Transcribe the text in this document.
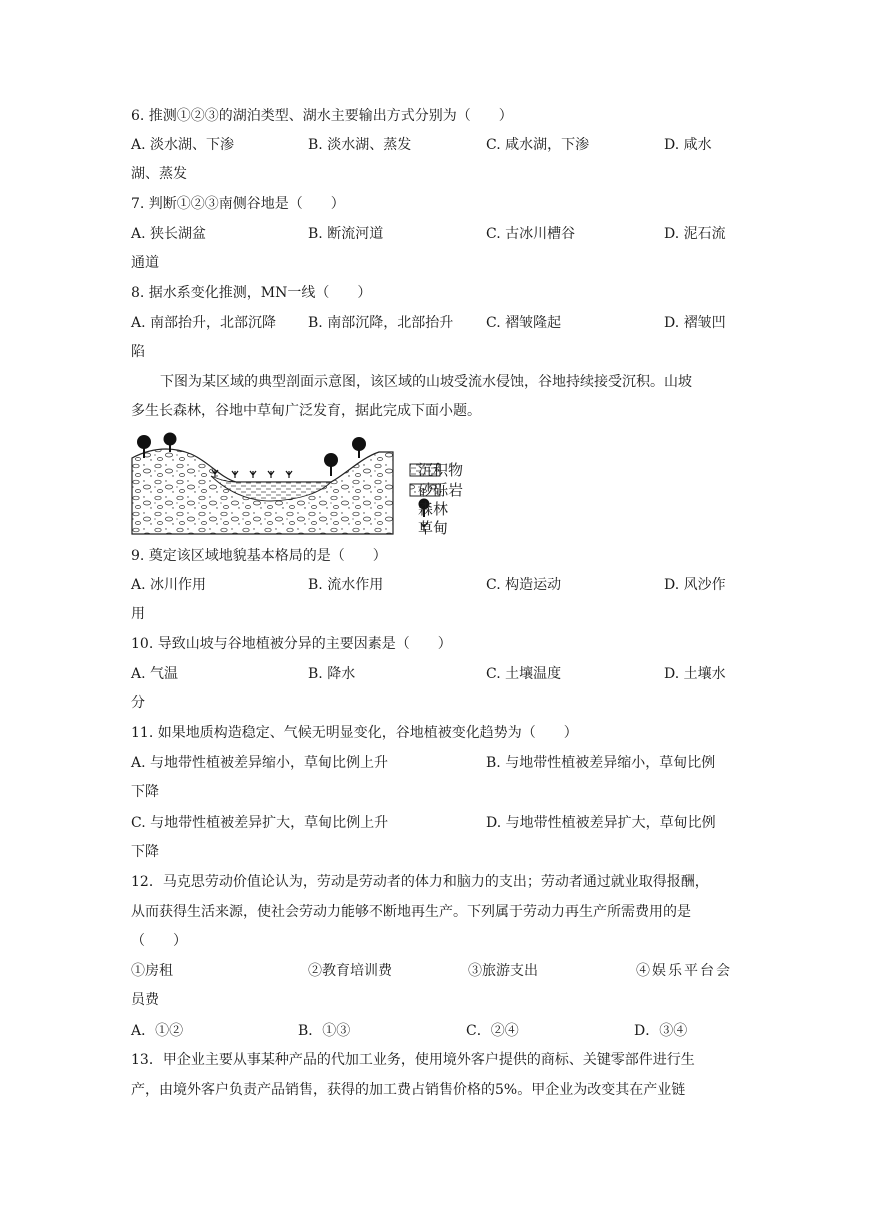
6. 推测①②③的湖泊类型、湖水主要输出方式分别为（　　）
A. 淡水湖、下渗	B. 淡水湖、蒸发	C. 咸水湖，下渗	D. 咸水
湖、蒸发
7. 判断①②③南侧谷地是（　　）
A. 狭长湖盆	B. 断流河道	C. 古冰川槽谷	D. 泥石流
通道
8. 据水系变化推测，MN一线（　　）
A. 南部抬升，北部沉降 B. 南部沉降，北部抬升 C. 褶皱隆起	D. 褶皱凹
陷
下图为某区域的典型剖面示意图，该区域的山坡受流水侵蚀，谷地持续接受沉积。山坡
多生长森林，谷地中草甸广泛发育，据此完成下面小题。
沉积物
砂砾岩
森林
草甸
9. 奠定该区域地貌基本格局的是（　　）
A. 冰川作用	B. 流水作用	C. 构造运动	D. 风沙作
用
10. 导致山坡与谷地植被分异的主要因素是（　　）
A. 气温	B. 降水	C. 土壤温度	D. 土壤水
分
11. 如果地质构造稳定、气候无明显变化，谷地植被变化趋势为（　　）
A. 与地带性植被差异缩小，草甸比例上升	B. 与地带性植被差异缩小，草甸比例
下降
C. 与地带性植被差异扩大，草甸比例上升	D. 与地带性植被差异扩大，草甸比例
下降
12．马克思劳动价值论认为，劳动是劳动者的体力和脑力的支出；劳动者通过就业取得报酬，
从而获得生活来源，使社会劳动力能够不断地再生产。下列属于劳动力再生产所需费用的是
（　　）
①房租	②教育培训费	③旅游支出	④娱乐平台会
员费
A．①②	B．①③	C．②④	D．③④
13．甲企业主要从事某种产品的代加工业务，使用境外客户提供的商标、关键零部件进行生
产，由境外客户负责产品销售，获得的加工费占销售价格的5%。甲企业为改变其在产业链
